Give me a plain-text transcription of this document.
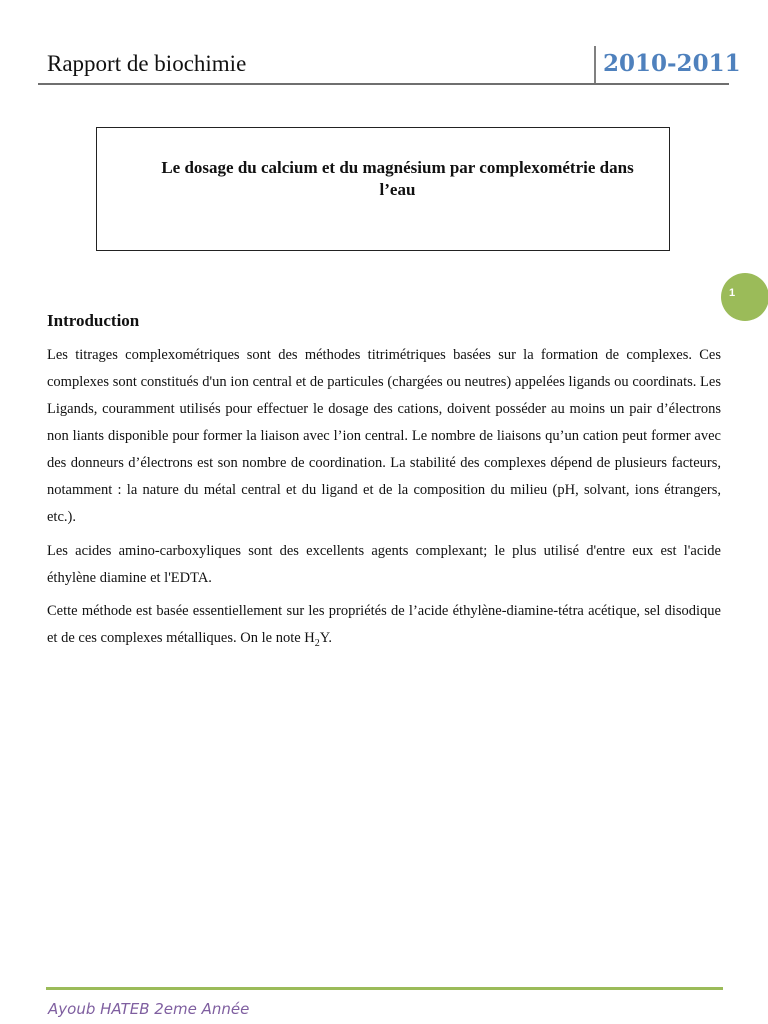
Rapport de biochimie	2010-2011
Le dosage du calcium et du magnésium par complexométrie dans
l’eau
1
Introduction

Les titrages complexométriques sont des méthodes titrimétriques basées sur la formation de complexes. Ces complexes sont constitués d'un ion central et de particules (chargées ou neutres) appelées ligands ou coordinats. Les Ligands, couramment utilisés pour effectuer le dosage des cations, doivent posséder au moins un pair d’électrons non liants disponible pour former la liaison avec l’ion central. Le nombre de liaisons qu’un cation peut former avec des donneurs d’électrons est son nombre de coordination. La stabilité des complexes dépend de plusieurs facteurs, notamment : la nature du métal central et du ligand et de la composition du milieu (pH, solvant, ions étrangers, etc.).

Les acides amino-carboxyliques sont des excellents agents complexant; le plus utilisé d'entre eux est l'acide éthylène diamine et l'EDTA.

Cette méthode est basée essentiellement sur les propriétés de l’acide éthylène-diamine-tétra acétique, sel disodique et de ces complexes métalliques. On le note $H_2Y$.

Ayoub HATEB 2eme Année
